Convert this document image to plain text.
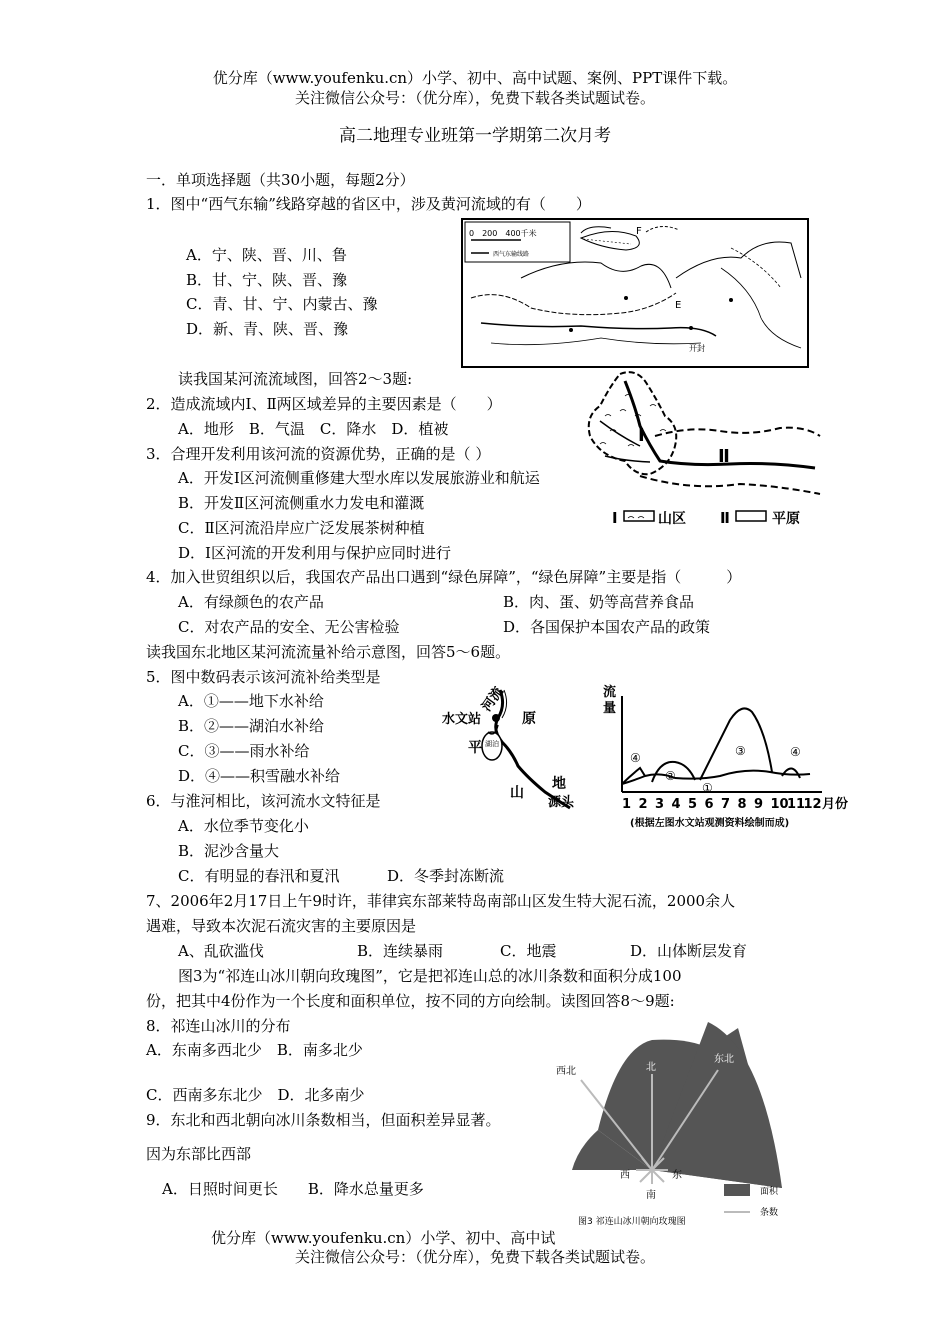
优分库（www.youfenku.cn）小学、初中、高中试题、案例、PPT课件下载。
关注微信公众号：（优分库），免费下载各类试题试卷。
高二地理专业班第一学期第二次月考
一．单项选择题（共30小题，每题2分）
1．图中“西气东输”线路穿越的省区中，涉及黄河流域的有（　　）
A．宁、陕、晋、川、鲁
B．甘、宁、陕、晋、豫
C．青、甘、宁、内蒙古、豫
D．新、青、陕、晋、豫
0　200　400千米
西气东输线路
E
F
开封
读我国某河流流域图，回答2～3题:
2．造成流域内Ⅰ、Ⅱ两区域差异的主要因素是（　　）
A．地形　B．气温　C．降水　D．植被
3．合理开发利用该河流的资源优势，正确的是（ ）
A．开发Ⅰ区河流侧重修建大型水库以发展旅游业和航运
B．开发Ⅱ区河流侧重水力发电和灌溉
C．Ⅱ区河流沿岸应广泛发展茶树种植
D．Ⅰ区河流的开发利用与保护应同时进行
Ⅰ
Ⅱ
Ⅰ	山区 Ⅱ	平原
4．加入世贸组织以后，我国农产品出口遇到“绿色屏障”，“绿色屏障”主要是指（　　　）
A．有绿颜色的农产品	B．肉、蛋、奶等高营养食品
C．对农产品的安全、无公害检验	D．各国保护本国农产品的政策
读我国东北地区某河流流量补给示意图，回答5～6题。
5．图中数码表示该河流补给类型是
A．①——地下水补给
B．②——湖泊水补给
C．③——雨水补给
D．④——积雪融水补给
河流
水文站	原
平 湖泊
山
地
源头
流
量
④
②
③
①
④
1 2 3 4 5 6 7 8 9 10
11
12 月份
(根据左图水文站观测资料绘制而成)
6．与淮河相比，该河流水文特征是
A．水位季节变化小
B．泥沙含量大
C．有明显的春汛和夏汛	D．冬季封冻断流
7、2006年2月17日上午9时许，菲律宾东部莱特岛南部山区发生特大泥石流，2000余人
遇难，导致本次泥石流灾害的主要原因是
A、乱砍滥伐	B．连续暴雨	C．地震	D．山体断层发育
图3为“祁连山冰川朝向玫瑰图”，它是把祁连山总的冰川条数和面积分成100
份，把其中4份作为一个长度和面积单位，按不同的方向绘制。读图回答8～9题:
8．祁连山冰川的分布
A．东南多西北少　B．南多北少
C．西南多东北少　D．北多南少
9．东北和西北朝向冰川条数相当，但面积差异显著。
因为东部比西部
A．日照时间更长　　B．降水总量更多
西北	北
东北
西	东
南	面积
条数
图3 祁连山冰川朝向玫瑰图
优分库（www.youfenku.cn）小学、初中、高中试
关注微信公众号：（优分库），免费下载各类试题试卷。
